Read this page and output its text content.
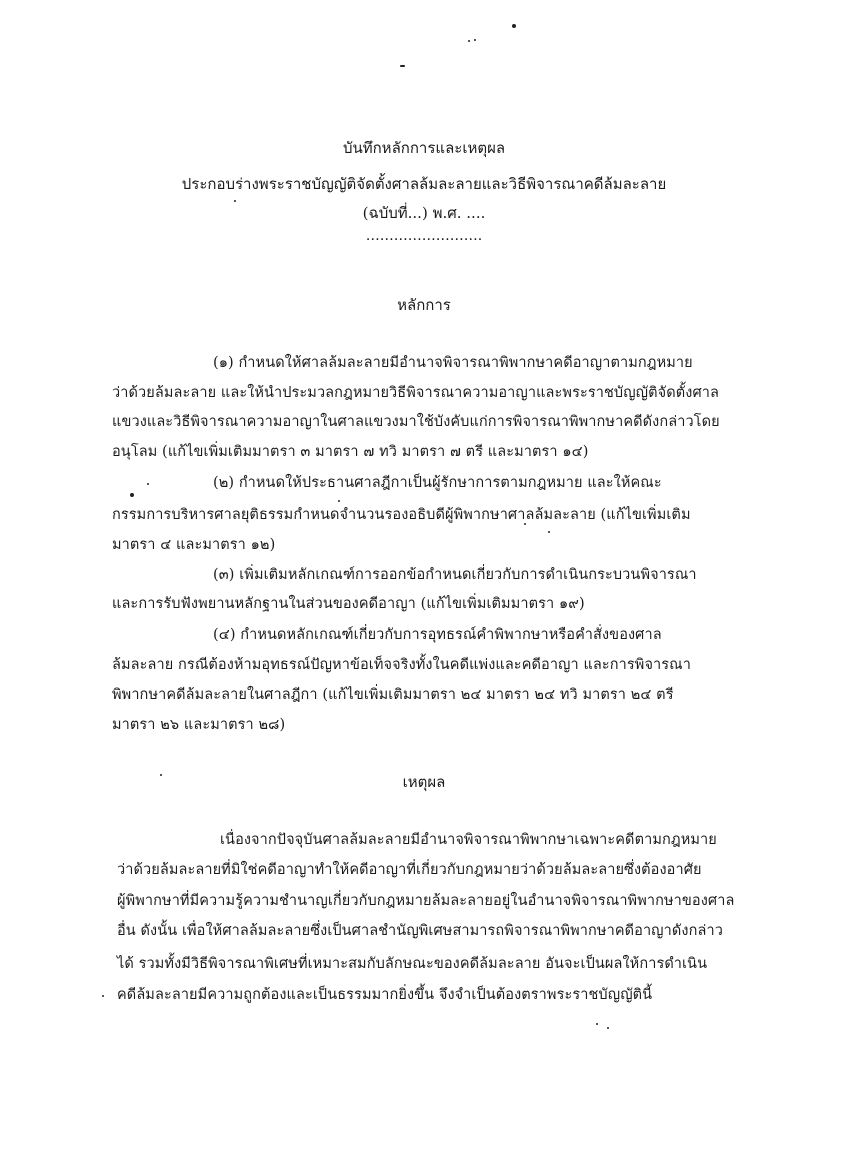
บันทึกหลักการและเหตุผล
ประกอบร่างพระราชบัญญัติจัดตั้งศาลล้มละลายและวิธีพิจารณาคดีล้มละลาย
(ฉบับที่...) พ.ศ. ....
…………………….
หลักการ
(๑) กำหนดให้ศาลล้มละลายมีอำนาจพิจารณาพิพากษาคดีอาญาตามกฎหมาย
ว่าด้วยล้มละลาย และให้นำประมวลกฎหมายวิธีพิจารณาความอาญาและพระราชบัญญัติจัดตั้งศาล
แขวงและวิธีพิจารณาความอาญาในศาลแขวงมาใช้บังคับแก่การพิจารณาพิพากษาคดีดังกล่าวโดย
อนุโลม (แก้ไขเพิ่มเติมมาตรา ๓ มาตรา ๗ ทวิ มาตรา ๗ ตรี และมาตรา ๑๔)
(๒) กำหนดให้ประธานศาลฎีกาเป็นผู้รักษาการตามกฎหมาย และให้คณะ
กรรมการบริหารศาลยุติธรรมกำหนดจำนวนรองอธิบดีผู้พิพากษาศาลล้มละลาย (แก้ไขเพิ่มเติม
มาตรา ๔ และมาตรา ๑๒)
(๓) เพิ่มเติมหลักเกณฑ์การออกข้อกำหนดเกี่ยวกับการดำเนินกระบวนพิจารณา
และการรับฟังพยานหลักฐานในส่วนของคดีอาญา (แก้ไขเพิ่มเติมมาตรา ๑๙)
(๔) กำหนดหลักเกณฑ์เกี่ยวกับการอุทธรณ์คำพิพากษาหรือคำสั่งของศาล
ล้มละลาย กรณีต้องห้ามอุทธรณ์ปัญหาข้อเท็จจริงทั้งในคดีแพ่งและคดีอาญา และการพิจารณา
พิพากษาคดีล้มละลายในศาลฎีกา (แก้ไขเพิ่มเติมมาตรา ๒๔ มาตรา ๒๔ ทวิ มาตรา ๒๔ ตรี
มาตรา ๒๖ และมาตรา ๒๘)
เหตุผล
เนื่องจากปัจจุบันศาลล้มละลายมีอำนาจพิจารณาพิพากษาเฉพาะคดีตามกฎหมาย
ว่าด้วยล้มละลายที่มิใช่คดีอาญาทำให้คดีอาญาที่เกี่ยวกับกฎหมายว่าด้วยล้มละลายซึ่งต้องอาศัย
ผู้พิพากษาที่มีความรู้ความชำนาญเกี่ยวกับกฎหมายล้มละลายอยู่ในอำนาจพิจารณาพิพากษาของศาล
อื่น ดังนั้น เพื่อให้ศาลล้มละลายซึ่งเป็นศาลชำนัญพิเศษสามารถพิจารณาพิพากษาคดีอาญาดังกล่าว
ได้ รวมทั้งมีวิธีพิจารณาพิเศษที่เหมาะสมกับลักษณะของคดีล้มละลาย อันจะเป็นผลให้การดำเนิน
คดีล้มละลายมีความถูกต้องและเป็นธรรมมากยิ่งขึ้น จึงจำเป็นต้องตราพระราชบัญญัตินี้
